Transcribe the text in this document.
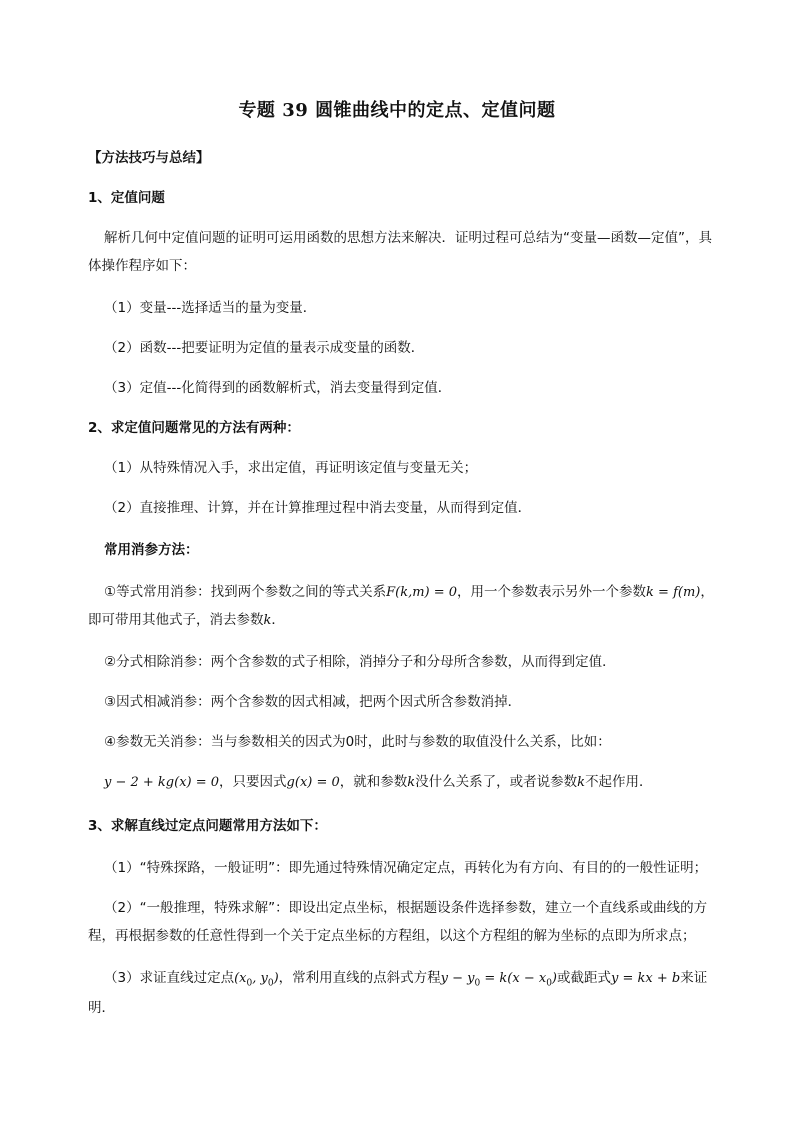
专题 39 圆锥曲线中的定点、定值问题
【方法技巧与总结】
1、定值问题
解析几何中定值问题的证明可运用函数的思想方法来解决．证明过程可总结为“变量—函数—定值”，具
体操作程序如下：
（1）变量---选择适当的量为变量．
（2）函数---把要证明为定值的量表示成变量的函数．
（3）定值---化简得到的函数解析式，消去变量得到定值．
2、求定值问题常见的方法有两种：
（1）从特殊情况入手，求出定值，再证明该定值与变量无关；
（2）直接推理、计算，并在计算推理过程中消去变量，从而得到定值．
常用消参方法：
①等式常用消参：找到两个参数之间的等式关系F(k,m) = 0，用一个参数表示另外一个参数k = f(m)，
即可带用其他式子，消去参数k．
②分式相除消参：两个含参数的式子相除，消掉分子和分母所含参数，从而得到定值．
③因式相减消参：两个含参数的因式相减，把两个因式所含参数消掉．
④参数无关消参：当与参数相关的因式为0时，此时与参数的取值没什么关系，比如：
y − 2 + kg(x) = 0，只要因式g(x) = 0，就和参数k没什么关系了，或者说参数k不起作用．
3、求解直线过定点问题常用方法如下：
（1）“特殊探路，一般证明”：即先通过特殊情况确定定点，再转化为有方向、有目的的一般性证明；
（2）“一般推理，特殊求解”：即设出定点坐标，根据题设条件选择参数，建立一个直线系或曲线的方
程，再根据参数的任意性得到一个关于定点坐标的方程组，以这个方程组的解为坐标的点即为所求点；
（3）求证直线过定点($x_0$, $y_0$)，常利用直线的点斜式方程$y - y_0 = k(x - x_0)$或截距式y = kx + b来证
明．
